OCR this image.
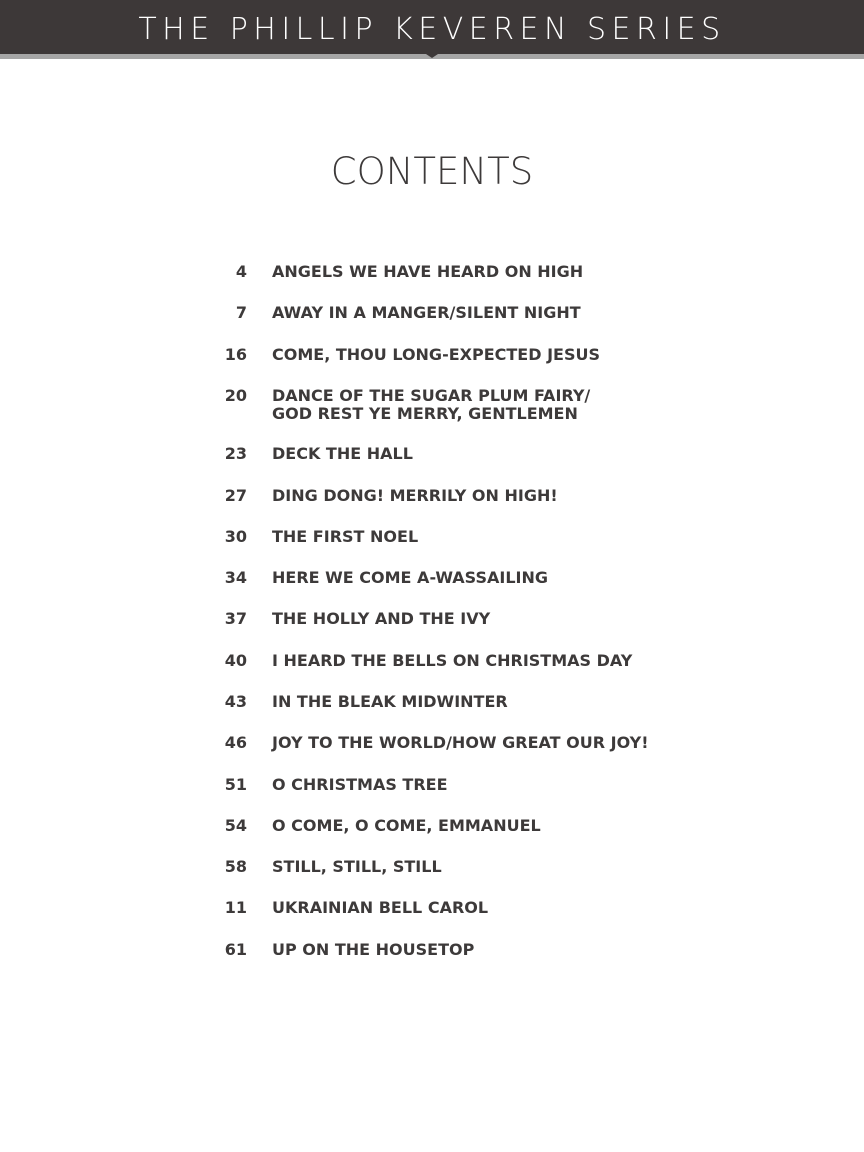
THE PHILLIP KEVEREN SERIES
CONTENTS
4 ANGELS WE HAVE HEARD ON HIGH
7 AWAY IN A MANGER/SILENT NIGHT
16 COME, THOU LONG-EXPECTED JESUS
20 DANCE OF THE SUGAR PLUM FAIRY/
GOD REST YE MERRY, GENTLEMEN
23 DECK THE HALL
27 DING DONG! MERRILY ON HIGH!
30 THE FIRST NOEL
34 HERE WE COME A-WASSAILING
37 THE HOLLY AND THE IVY
40 I HEARD THE BELLS ON CHRISTMAS DAY
43 IN THE BLEAK MIDWINTER
46 JOY TO THE WORLD/HOW GREAT OUR JOY!
51 O CHRISTMAS TREE
54 O COME, O COME, EMMANUEL
58 STILL, STILL, STILL
11 UKRAINIAN BELL CAROL
61 UP ON THE HOUSETOP
